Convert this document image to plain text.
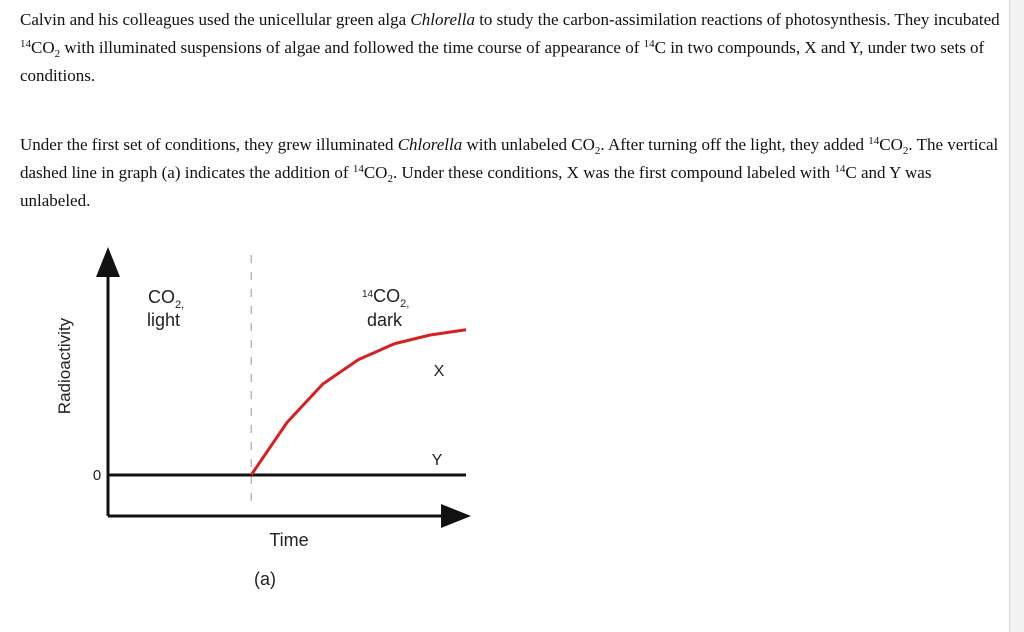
Calvin and his colleagues used the unicellular green alga Chlorella to study the carbon-assimilation reactions of photosynthesis. They incubated $^{14}CO_2$ with illuminated suspensions of algae and followed the time course of appearance of $^{14}$C in two compounds, X and Y, under two sets of conditions.

Under the first set of conditions, they grew illuminated Chlorella with unlabeled $CO_2$. After turning off the light, they added $^{14}CO_2$. The vertical dashed line in graph (a) indicates the addition of $^{14}CO_2$. Under these conditions, X was the first compound labeled with $^{14}$C and Y was unlabeled.

Radioactivity
0
Time
(a)
$CO_2$,
light
$^{14}CO_2$,
dark
X
Y
